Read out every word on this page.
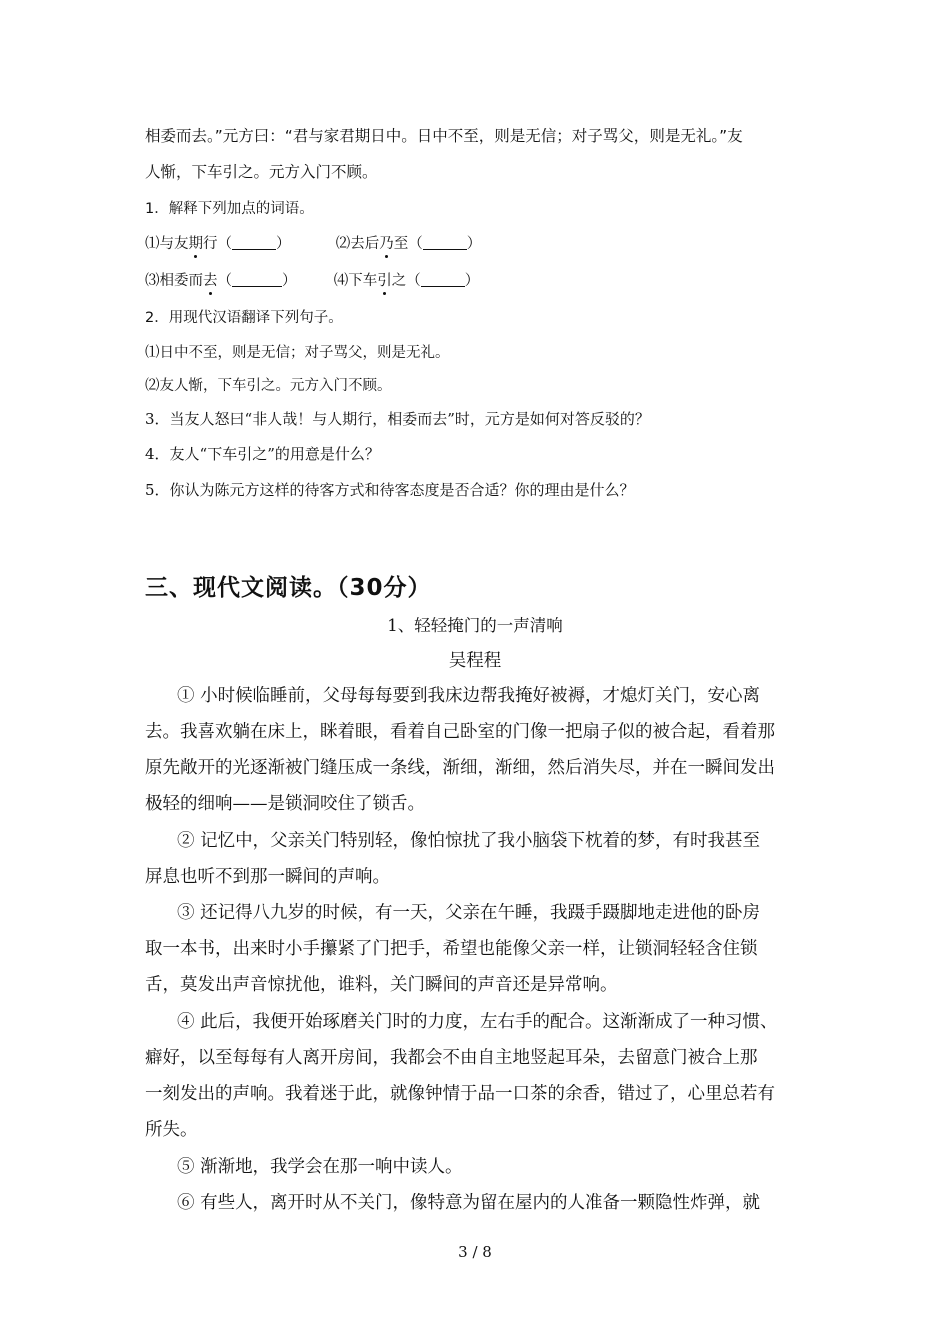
相委而去。”元方曰：“君与家君期日中。日中不至，则是无信；对子骂父，则是无礼。”友
人惭，下车引之。元方入门不顾。
1．解释下列加点的词语。
⑴与友期行（	）	⑵去后乃至（	）
⑶相委而去（	）	⑷下车引之（	）
2．用现代汉语翻译下列句子。
⑴日中不至，则是无信；对子骂父，则是无礼。
⑵友人惭，下车引之。元方入门不顾。
3．当友人怒曰“非人哉！与人期行，相委而去”时，元方是如何对答反驳的？
4．友人“下车引之”的用意是什么？
5．你认为陈元方这样的待客方式和待客态度是否合适？你的理由是什么？
三、现代文阅读。（30分）
1、轻轻掩门的一声清响
吴程程
① 小时候临睡前，父母每每要到我床边帮我掩好被褥，才熄灯关门，安心离
去。我喜欢躺在床上，眯着眼，看着自己卧室的门像一把扇子似的被合起，看着那
原先敞开的光逐渐被门缝压成一条线，渐细，渐细，然后消失尽，并在一瞬间发出
极轻的细响——是锁洞咬住了锁舌。
② 记忆中，父亲关门特别轻，像怕惊扰了我小脑袋下枕着的梦，有时我甚至
屏息也听不到那一瞬间的声响。
③ 还记得八九岁的时候，有一天，父亲在午睡，我蹑手蹑脚地走进他的卧房
取一本书，出来时小手攥紧了门把手，希望也能像父亲一样，让锁洞轻轻含住锁
舌，莫发出声音惊扰他，谁料，关门瞬间的声音还是异常响。
④ 此后，我便开始琢磨关门时的力度，左右手的配合。这渐渐成了一种习惯、
癖好，以至每每有人离开房间，我都会不由自主地竖起耳朵，去留意门被合上那
一刻发出的声响。我着迷于此，就像钟情于品一口茶的余香，错过了，心里总若有
所失。
⑤ 渐渐地，我学会在那一响中读人。
⑥ 有些人，离开时从不关门，像特意为留在屋内的人准备一颗隐性炸弹，就
3 / 8
